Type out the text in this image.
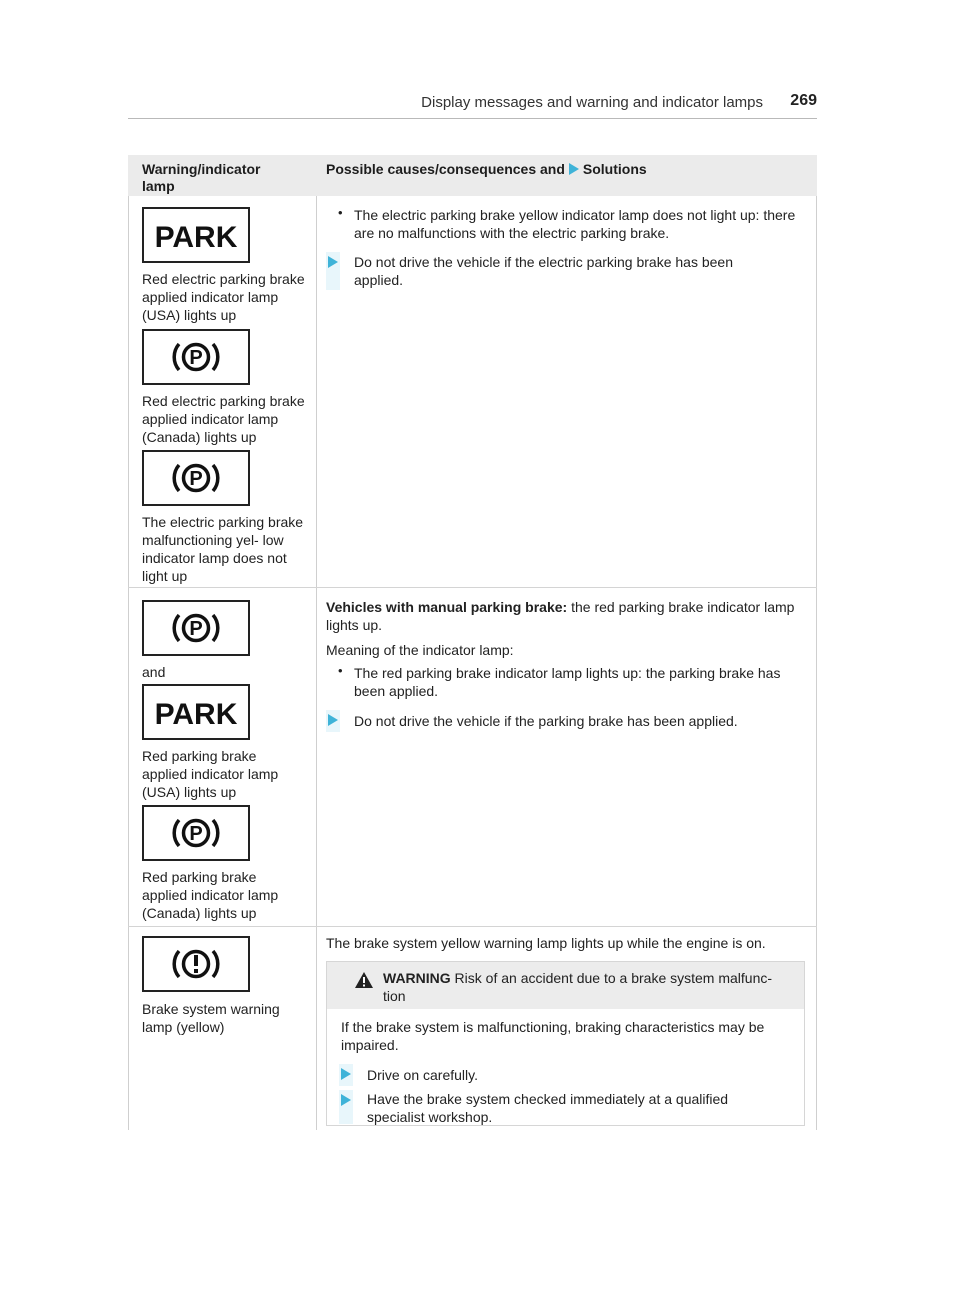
Display messages and warning and indicator lamps 269
Warning/indicator lamp
Possible causes/consequences and Solutions
PARK
Red electric parking brake applied indicator lamp (USA) lights up
P
Red electric parking brake applied indicator lamp (Canada) lights up
P
The electric parking brake malfunctioning yel- low indicator lamp does not light up
• The electric parking brake yellow indicator lamp does not light up: there are no malfunctions with the electric parking brake.
Do not drive the vehicle if the electric parking brake has been applied.
P
and
PARK
Red parking brake applied indicator lamp (USA) lights up
P
Red parking brake applied indicator lamp (Canada) lights up
Vehicles with manual parking brake: the red parking brake indicator lamp lights up.
Meaning of the indicator lamp:
• The red parking brake indicator lamp lights up: the parking brake has been applied.
Do not drive the vehicle if the parking brake has been applied.
Brake system warning lamp (yellow)
The brake system yellow warning lamp lights up while the engine is on.
WARNING Risk of an accident due to a brake system malfunc- tion
If the brake system is malfunctioning, braking characteristics may be impaired.
Drive on carefully.
Have the brake system checked immediately at a qualified specialist workshop.
